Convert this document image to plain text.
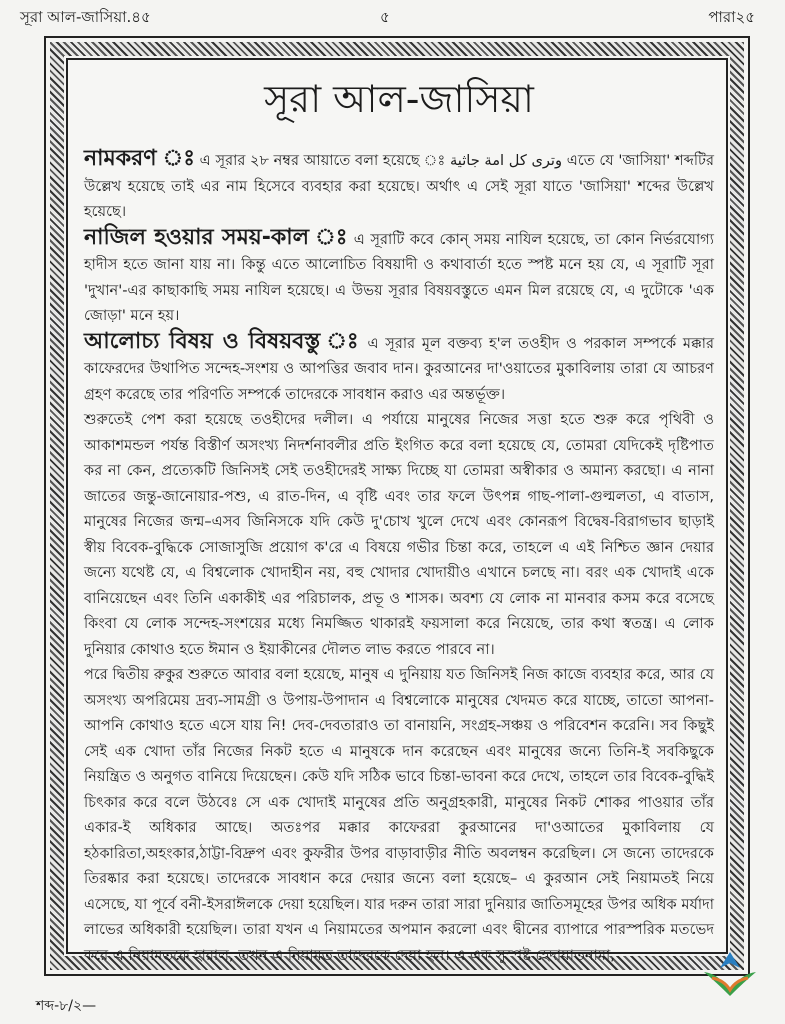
সূরা আল-জাসিয়া.৪৫	৫	পারা২৫
সূরা আল-জাসিয়া

নামকরণ ঃ এ সূরার ২৮ নম্বর আয়াতে বলা হয়েছে ঃ وترى كل امة جاثية এতে যে 'জাসিয়া' শব্দটির উল্লেখ হয়েছে তাই এর নাম হিসেবে ব্যবহার করা হয়েছে। অর্থাৎ এ সেই সূরা যাতে 'জাসিয়া' শব্দের উল্লেখ হয়েছে।

নাজিল হওয়ার সময়-কাল ঃ এ সূরাটি কবে কোন্ সময় নাযিল হয়েছে, তা কোন নির্ভরযোগ্য হাদীস হতে জানা যায় না। কিন্তু এতে আলোচিত বিষয়াদী ও কথাবার্তা হতে স্পষ্ট মনে হয় যে, এ সূরাটি সূরা 'দুখান'-এর কাছাকাছি সময় নাযিল হয়েছে। এ উভয় সূরার বিষয়বস্তুতে এমন মিল রয়েছে যে, এ দুটোকে 'এক জোড়া' মনে হয়।

আলোচ্য বিষয় ও বিষয়বস্তু ঃ এ সূরার মূল বক্তব্য হ'ল তওহীদ ও পরকাল সম্পর্কে মক্কার কাফেরদের উথাপিত সন্দেহ-সংশয় ও আপত্তির জবাব দান। কুরআনের দা'ওয়াতের মুকাবিলায় তারা যে আচরণ গ্রহণ করেছে তার পরিণতি সম্পর্কে তাদেরকে সাবধান করাও এর অন্তর্ভূক্ত।

শুরুতেই পেশ করা হয়েছে তওহীদের দলীল। এ পর্যায়ে মানুষের নিজের সত্তা হতে শুরু করে পৃথিবী ও আকাশমন্ডল পর্যন্ত বিস্তীর্ণ অসংখ্য নিদর্শনাবলীর প্রতি ইংগিত করে বলা হয়েছে যে, তোমরা যেদিকেই দৃষ্টিপাত কর না কেন, প্রত্যেকটি জিনিসই সেই তওহীদেরই সাক্ষ্য দিচ্ছে যা তোমরা অস্বীকার ও অমান্য করছো। এ নানা জাতের জন্তু-জানোয়ার-পশু, এ রাত-দিন, এ বৃষ্টি এবং তার ফলে উৎপন্ন গাছ-পালা-গুল্মলতা, এ বাতাস, মানুষের নিজের জন্ম–এসব জিনিসকে যদি কেউ দু'চোখ খুলে দেখে এবং কোনরূপ বিদ্বেষ-বিরাগভাব ছাড়াই স্বীয় বিবেক-বুদ্ধিকে সোজাসুজি প্রয়োগ ক'রে এ বিষয়ে গভীর চিন্তা করে, তাহলে এ এই নিশ্চিত জ্ঞান দেয়ার জন্যে যথেষ্ট যে, এ বিশ্বলোক খোদাহীন নয়, বহু খোদার খোদায়ীও এখানে চলছে না। বরং এক খোদাই একে বানিয়েছেন এবং তিনি একাকীই এর পরিচালক, প্রভূ ও শাসক। অবশ্য যে লোক না মানবার কসম করে বসেছে কিংবা যে লোক সন্দেহ-সংশয়ের মধ্যে নিমজ্জিত থাকারই ফয়সালা করে নিয়েছে, তার কথা স্বতন্ত্র। এ লোক দুনিয়ার কোথাও হতে ঈমান ও ইয়াকীনের দৌলত লাভ করতে পারবে না।

পরে দ্বিতীয় রুকুর শুরুতে আবার বলা হয়েছে, মানুষ এ দুনিয়ায় যত জিনিসই নিজ কাজে ব্যবহার করে, আর যে অসংখ্য অপরিমেয় দ্রব্য-সামগ্রী ও উপায়-উপাদান এ বিশ্বলোকে মানুষের খেদমত করে যাচ্ছে, তাতো আপনা-আপনি কোথাও হতে এসে যায় নি! দেব-দেবতারাও তা বানায়নি, সংগ্রহ-সঞ্চয় ও পরিবেশন করেনি। সব কিছুই সেই এক খোদা তাঁর নিজের নিকট হতে এ মানুষকে দান করেছেন এবং মানুষের জন্যে তিনি-ই সবকিছুকে নিয়ন্ত্রিত ও অনুগত বানিয়ে দিয়েছেন। কেউ যদি সঠিক ভাবে চিন্তা-ভাবনা করে দেখে, তাহলে তার বিবেক-বুদ্ধিই চিৎকার করে বলে উঠবেঃ সে এক খোদাই মানুষের প্রতি অনুগ্রহকারী, মানুষের নিকট শোকর পাওয়ার তাঁর একার-ই অধিকার আছে। অতঃপর মক্কার কাফেররা কুরআনের দা'ওআতের মুকাবিলায় যে হঠকারিতা,অহংকার,ঠাট্টা-বিদ্রুপ এবং কুফরীর উপর বাড়াবাড়ীর নীতি অবলম্বন করেছিল। সে জন্যে তাদেরকে তিরষ্কার করা হয়েছে। তাদেরকে সাবধান করে দেয়ার জন্যে বলা হয়েছে– এ কুরআন সেই নিয়ামতই নিয়ে এসেছে, যা পূর্বে বনী-ইসরাঈলকে দেয়া হয়েছিল। যার দরুন তারা সারা দুনিয়ার জাতিসমূহের উপর অধিক মর্যাদা লাভের অধিকারী হয়েছিল। তারা যখন এ নিয়ামতের অপমান করলো এবং দ্বীনের ব্যাপারে পারস্পরিক মতভেদ করে এ নিয়ামতকে হারাল, তখন এ নিয়ামত তাদেরকে দেয়া হল। এ এক সুস্পষ্ট হেদায়াতনামা,

শব্দ-৮/২—
